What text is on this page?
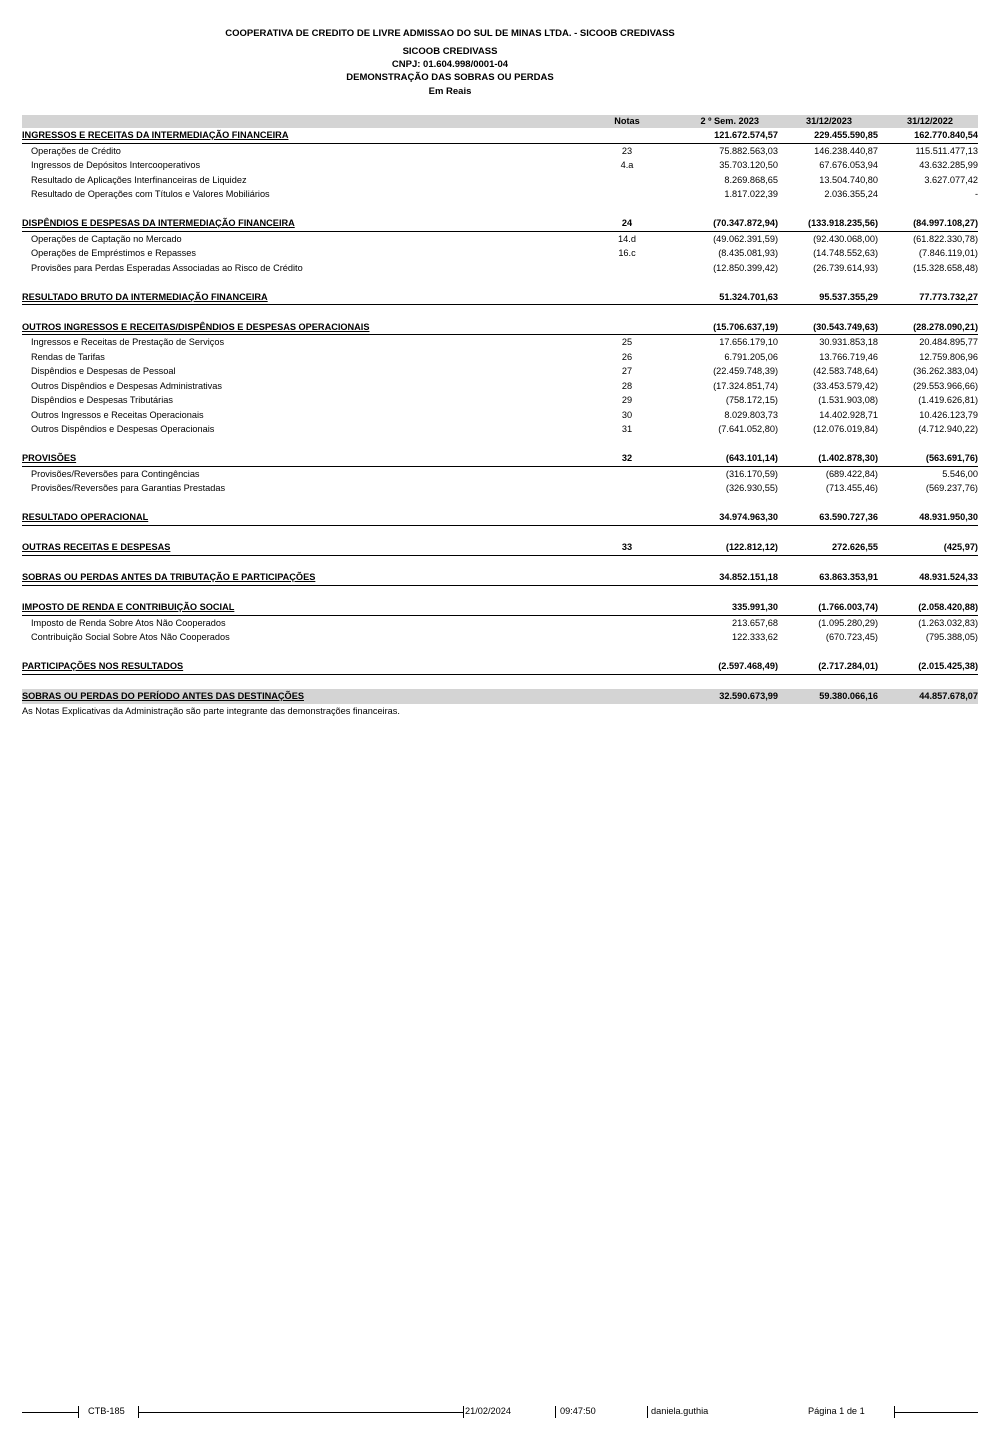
COOPERATIVA DE CREDITO DE LIVRE ADMISSAO DO SUL DE MINAS LTDA. - SICOOB CREDIVASS
SICOOB CREDIVASS
CNPJ: 01.604.998/0001-04
DEMONSTRAÇÃO DAS SOBRAS OU PERDAS
Em Reais
Notas	2 º Sem. 2023	31/12/2023	31/12/2022
INGRESSOS E RECEITAS DA INTERMEDIAÇÃO FINANCEIRA	121.672.574,57	229.455.590,85	162.770.840,54
Operações de Crédito	23	75.882.563,03	146.238.440,87	115.511.477,13
Ingressos de Depósitos Intercooperativos	4.a	35.703.120,50	67.676.053,94	43.632.285,99
Resultado de Aplicações Interfinanceiras de Liquidez	8.269.868,65	13.504.740,80	3.627.077,42
Resultado de Operações com Títulos e Valores Mobiliários	1.817.022,39	2.036.355,24	-
DISPÊNDIOS E DESPESAS DA INTERMEDIAÇÃO FINANCEIRA	24	(70.347.872,94)	(133.918.235,56)	(84.997.108,27)
Operações de Captação no Mercado	14.d	(49.062.391,59)	(92.430.068,00)	(61.822.330,78)
Operações de Empréstimos e Repasses	16.c	(8.435.081,93)	(14.748.552,63)	(7.846.119,01)
Provisões para Perdas Esperadas Associadas ao Risco de Crédito	(12.850.399,42)	(26.739.614,93)	(15.328.658,48)
RESULTADO BRUTO DA INTERMEDIAÇÃO FINANCEIRA	51.324.701,63	95.537.355,29	77.773.732,27
OUTROS INGRESSOS E RECEITAS/DISPÊNDIOS E DESPESAS OPERACIONAIS	(15.706.637,19)	(30.543.749,63)	(28.278.090,21)
Ingressos e Receitas de Prestação de Serviços	25	17.656.179,10	30.931.853,18	20.484.895,77
Rendas de Tarifas	26	6.791.205,06	13.766.719,46	12.759.806,96
Dispêndios e Despesas de Pessoal	27	(22.459.748,39)	(42.583.748,64)	(36.262.383,04)
Outros Dispêndios e Despesas Administrativas	28	(17.324.851,74)	(33.453.579,42)	(29.553.966,66)
Dispêndios e Despesas Tributárias	29	(758.172,15)	(1.531.903,08)	(1.419.626,81)
Outros Ingressos e Receitas Operacionais	30	8.029.803,73	14.402.928,71	10.426.123,79
Outros Dispêndios e Despesas Operacionais	31	(7.641.052,80)	(12.076.019,84)	(4.712.940,22)
PROVISÕES	32	(643.101,14)	(1.402.878,30)	(563.691,76)
Provisões/Reversões para Contingências	(316.170,59)	(689.422,84)	5.546,00
Provisões/Reversões para Garantias Prestadas	(326.930,55)	(713.455,46)	(569.237,76)
RESULTADO OPERACIONAL	34.974.963,30	63.590.727,36	48.931.950,30
OUTRAS RECEITAS E DESPESAS	33	(122.812,12)	272.626,55	(425,97)
SOBRAS OU PERDAS ANTES DA TRIBUTAÇÃO E PARTICIPAÇÕES	34.852.151,18	63.863.353,91	48.931.524,33
IMPOSTO DE RENDA E CONTRIBUIÇÃO SOCIAL	335.991,30	(1.766.003,74)	(2.058.420,88)
Imposto de Renda Sobre Atos Não Cooperados	213.657,68	(1.095.280,29)	(1.263.032,83)
Contribuição Social Sobre Atos Não Cooperados	122.333,62	(670.723,45)	(795.388,05)
PARTICIPAÇÕES NOS RESULTADOS	(2.597.468,49)	(2.717.284,01)	(2.015.425,38)
SOBRAS OU PERDAS DO PERÍODO ANTES DAS DESTINAÇÕES	32.590.673,99	59.380.066,16	44.857.678,07
As Notas Explicativas da Administração são parte integrante das demonstrações financeiras.
CTB-185	21/02/2024	09:47:50	daniela.guthia	Página 1 de 1
